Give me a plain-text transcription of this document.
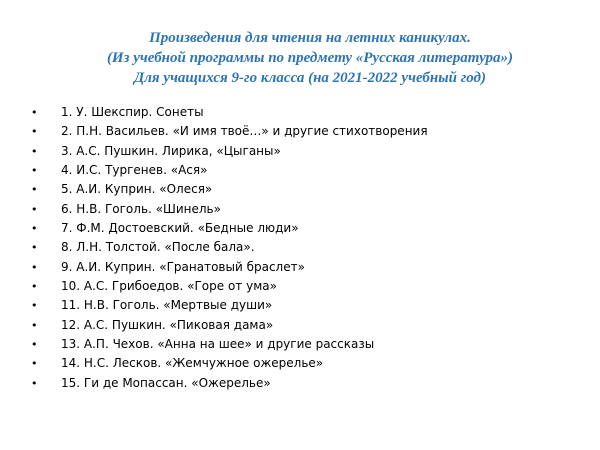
Произведения для чтения на летних каникулах.
(Из учебной программы по предмету «Русская литература»)
Для учащихся 9-го класса (на 2021-2022 учебный год)
• 1. У. Шекспир. Сонеты
• 2. П.Н. Васильев. «И имя твоё…» и другие стихотворения
• 3. А.С. Пушкин. Лирика, «Цыганы»
• 4. И.С. Тургенев. «Ася»
• 5. А.И. Куприн. «Олеся»
• 6. Н.В. Гоголь. «Шинель»
• 7. Ф.М. Достоевский. «Бедные люди»
• 8. Л.Н. Толстой. «После бала».
• 9. А.И. Куприн. «Гранатовый браслет»
• 10. А.С. Грибоедов. «Горе от ума»
• 11. Н.В. Гоголь. «Мертвые души»
• 12. А.С. Пушкин. «Пиковая дама»
• 13. А.П. Чехов. «Анна на шее» и другие рассказы
• 14. Н.С. Лесков. «Жемчужное ожерелье»
• 15. Ги де Мопассан. «Ожерелье»
